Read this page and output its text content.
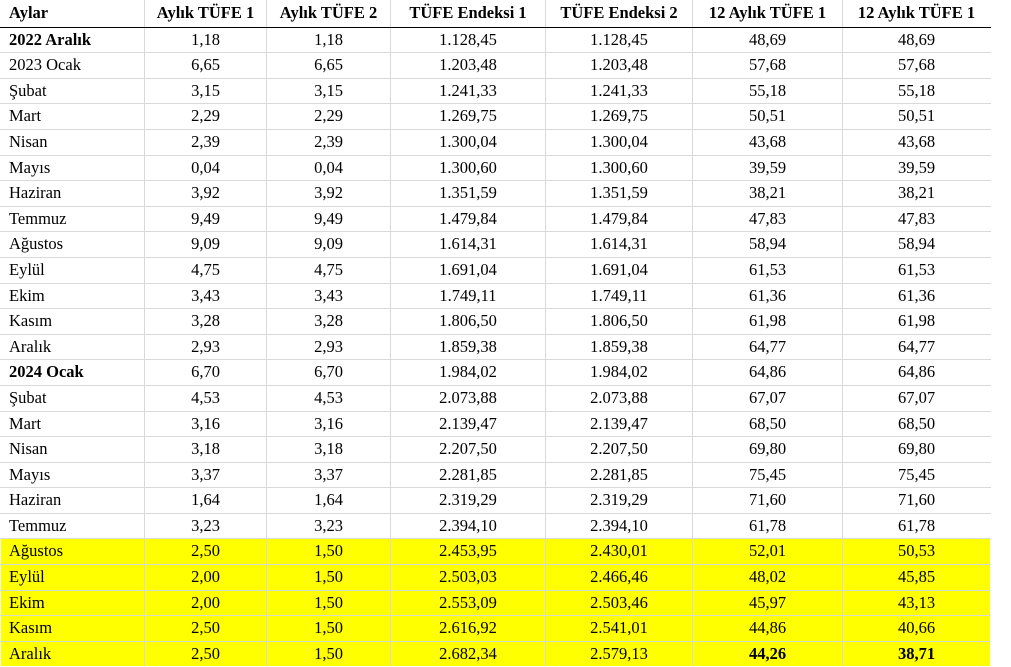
Aylar	Aylık TÜFE 1	Aylık TÜFE 2	TÜFE Endeksi 1	TÜFE Endeksi 2	12 Aylık TÜFE 1	12 Aylık TÜFE 1
2022 Aralık	1,18	1,18	1.128,45	1.128,45	48,69	48,69
2023 Ocak	6,65	6,65	1.203,48	1.203,48	57,68	57,68
Şubat	3,15	3,15	1.241,33	1.241,33	55,18	55,18
Mart	2,29	2,29	1.269,75	1.269,75	50,51	50,51
Nisan	2,39	2,39	1.300,04	1.300,04	43,68	43,68
Mayıs	0,04	0,04	1.300,60	1.300,60	39,59	39,59
Haziran	3,92	3,92	1.351,59	1.351,59	38,21	38,21
Temmuz	9,49	9,49	1.479,84	1.479,84	47,83	47,83
Ağustos	9,09	9,09	1.614,31	1.614,31	58,94	58,94
Eylül	4,75	4,75	1.691,04	1.691,04	61,53	61,53
Ekim	3,43	3,43	1.749,11	1.749,11	61,36	61,36
Kasım	3,28	3,28	1.806,50	1.806,50	61,98	61,98
Aralık	2,93	2,93	1.859,38	1.859,38	64,77	64,77
2024 Ocak	6,70	6,70	1.984,02	1.984,02	64,86	64,86
Şubat	4,53	4,53	2.073,88	2.073,88	67,07	67,07
Mart	3,16	3,16	2.139,47	2.139,47	68,50	68,50
Nisan	3,18	3,18	2.207,50	2.207,50	69,80	69,80
Mayıs	3,37	3,37	2.281,85	2.281,85	75,45	75,45
Haziran	1,64	1,64	2.319,29	2.319,29	71,60	71,60
Temmuz	3,23	3,23	2.394,10	2.394,10	61,78	61,78
Ağustos	2,50	1,50	2.453,95	2.430,01	52,01	50,53
Eylül	2,00	1,50	2.503,03	2.466,46	48,02	45,85
Ekim	2,00	1,50	2.553,09	2.503,46	45,97	43,13
Kasım	2,50	1,50	2.616,92	2.541,01	44,86	40,66
Aralık	2,50	1,50	2.682,34	2.579,13	44,26	38,71
